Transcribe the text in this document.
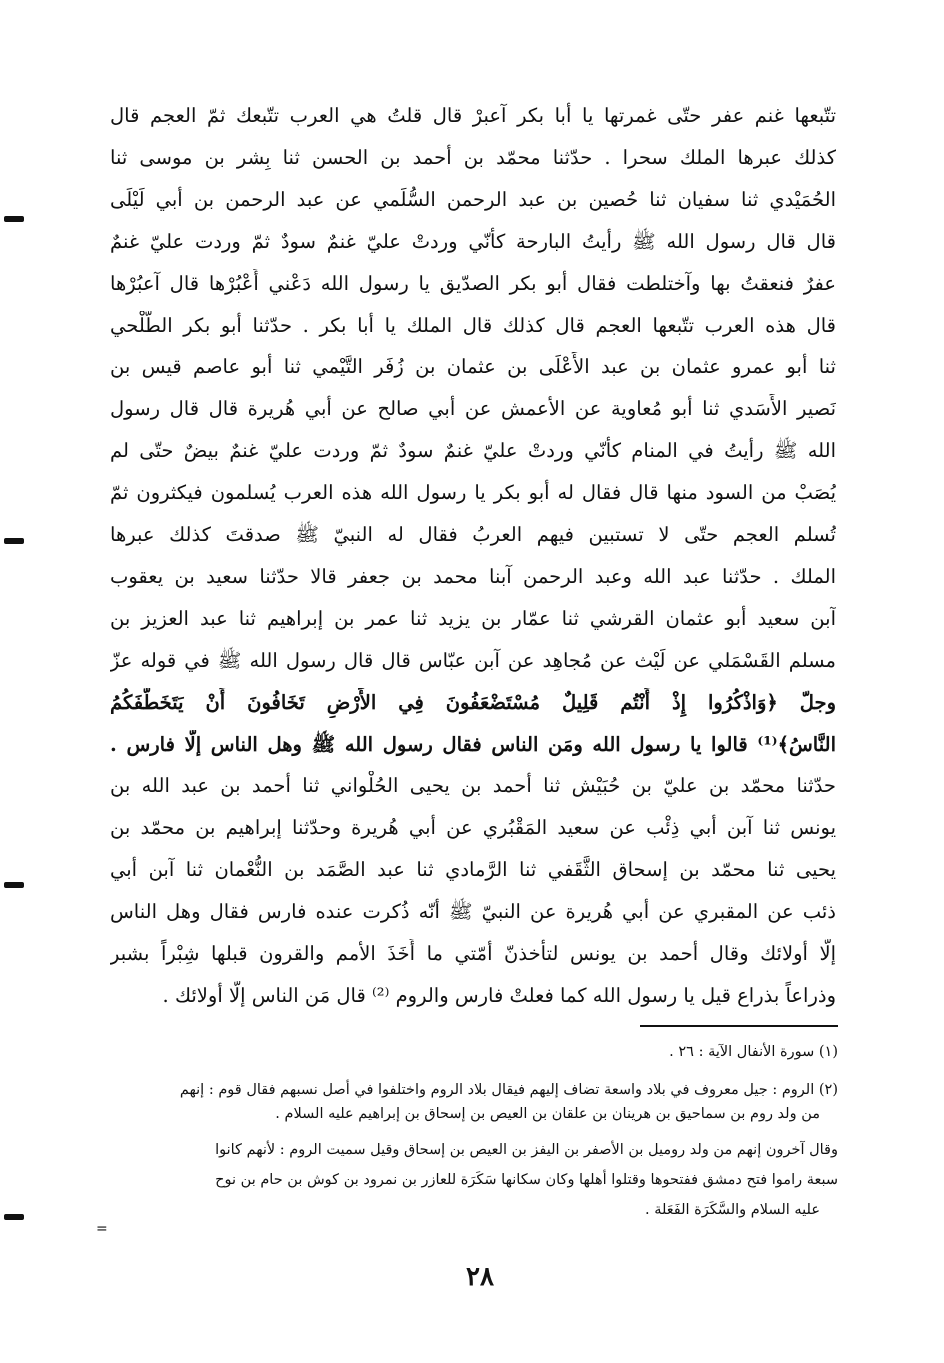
تتّبعها غنم عفر حتّى غمرتها يا أبا بكر آعبرْ قال قلتُ هي العرب تتّبعك ثمّ العجم قال
كذلك عبرها الملك سحرا . حدّثنا محمّد بن أحمد بن الحسن ثنا بِشر بن موسى ثنا
الحُمَيْدي ثنا سفيان ثنا حُصين بن عبد الرحمن السُّلَمي عن عبد الرحمن بن أبي لَيْلَى
قال قال رسول الله ﷺ رأيتُ البارحة كأنّي وردتْ عليّ غنمٌ سودٌ ثمّ وردت عليّ غنمٌ
عفرٌ فنعقتُ بها وآختلطت فقال أبو بكر الصدّيق يا رسول الله دَعْني أَعْبُرْها قال آعبُرْها
قال هذه العرب تتّبعها العجم قال كذلك قال الملك يا أبا بكر . حدّثنا أبو بكر الطَّلْحي
ثنا أبو عمرو عثمان بن عبد الأَعْلَى بن عثمان بن زُفَر التَّيْمي ثنا أبو عاصم قيس بن
نَصير الأَسَدي ثنا أبو مُعاوية عن الأعمش عن أبي صالح عن أبي هُريرة قال قال رسول
الله ﷺ رأيتُ في المنام كأنّي وردتْ عليّ غنمٌ سودٌ ثمّ وردت عليّ غنمٌ بيضٌ حتّى لم
يُصَبْ من السود منها قال فقال له أبو بكر يا رسول الله هذه العرب يُسلمون فيكثرون ثمّ
تُسلم العجم حتّى لا تستبين فيهم العربُ فقال له النبيّ ﷺ صدقتَ كذلك عبرها
الملك . حدّثنا عبد الله وعبد الرحمن آبنا محمد بن جعفر قالا حدّثنا سعيد بن يعقوب
آبن سعيد أبو عثمان القرشي ثنا عمّار بن يزيد ثنا عمر بن إبراهيم ثنا عبد العزيز بن
مسلم القَسْمَلي عن لَيْث عن مُجاهِد عن آبن عبّاس قال قال رسول الله ﷺ في قوله عزّ
وجلّ ﴿وَاذْكُرُوا إِذْ أَنْتُم قَلِيلٌ مُسْتَضْعَفُونَ فِي الأَرْضِ تَخَافُونَ أَنْ يَتَخَطَّفَكُمُ
النَّاسُ﴾⁽¹⁾ قالوا يا رسول الله ومَن الناس فقال رسول الله ﷺ وهل الناس إلّا فارس .
حدّثنا محمّد بن عليّ بن حُبَيْش ثنا أحمد بن يحيى الحُلْواني ثنا أحمد بن عبد الله بن
يونس ثنا آبن أبي ذِئْب عن سعيد المَقْبُري عن أبي هُريرة وحدّثنا إبراهيم بن محمّد بن
يحيى ثنا محمّد بن إسحاق الثَّقَفي ثنا الرَّمادي ثنا عبد الصَّمَد بن النُّعْمان ثنا آبن أبي
ذئب عن المقبري عن أبي هُريرة عن النبيّ ﷺ أنّه ذُكرت عنده فارس فقال وهل الناس
إلّا أولائك وقال أحمد بن يونس لتأخذنّ أمّتي ما أَخَذَ الأمم والقرون قبلها شِبْراً بشبر
وذراعاً بذراع قيل يا رسول الله كما فعلتْ فارس والروم ⁽²⁾ قال مَن الناس إلّا أولائك .
(١) سورة الأنفال الآية : ٢٦ .
(٢) الروم : جيل معروف في بلاد واسعة تضاف إليهم فيقال بلاد الروم واختلفوا في أصل نسبهم فقال قوم : إنهم
من ولد روم بن سماحيق بن هرينان بن علقان بن العيص بن إسحاق بن إبراهيم عليه السلام .
وقال آخرون إنهم من ولد روميل بن الأصفر بن اليفز بن العيص بن إسحاق وقيل سميت الروم : لأنهم كانوا
سبعة راموا فتح دمشق ففتحوها وقتلوا أهلها وكان سكانها سَكَرَة للعازر بن نمرود بن كوش بن حام بن نوح
عليه السلام والسَّكَرَة الفَعَلة .
٢٨
=
